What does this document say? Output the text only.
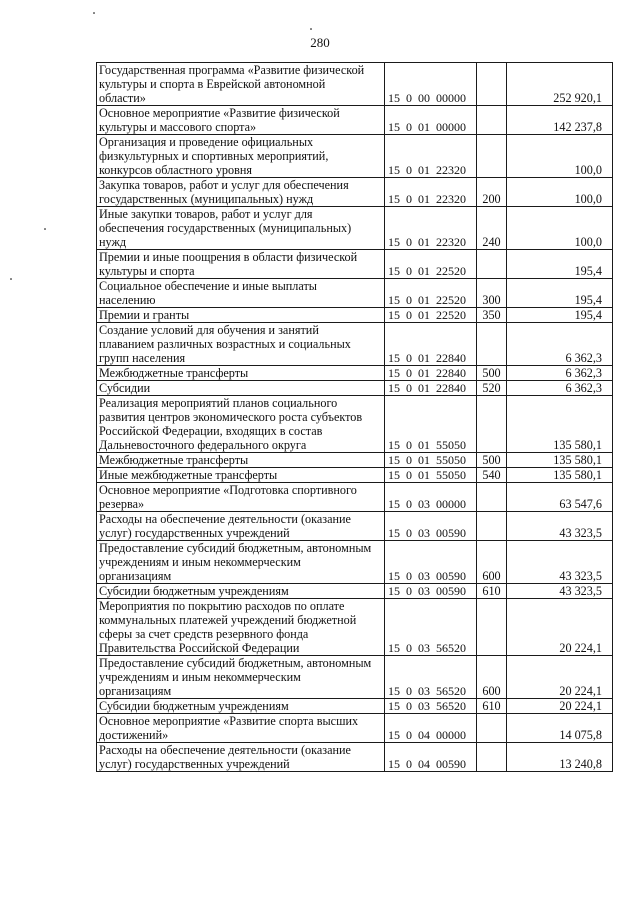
280
Государственная программа «Развитие физической
культуры и спорта в Еврейской автономной
области»	15  0  00  00000		252 920,1
Основное мероприятие «Развитие физической
культуры и массового спорта»	15  0  01  00000		142 237,8
Организация и проведение официальных
физкультурных и спортивных мероприятий,
конкурсов областного уровня	15  0  01  22320		100,0
Закупка товаров, работ и услуг для обеспечения
государственных (муниципальных) нужд	15  0  01  22320	200	100,0
Иные закупки товаров, работ и услуг для
обеспечения государственных (муниципальных)
нужд	15  0  01  22320	240	100,0
Премии и иные поощрения в области физической
культуры и спорта	15  0  01  22520		195,4
Социальное обеспечение и иные выплаты
населению	15  0  01  22520	300	195,4
Премии и гранты	15  0  01  22520	350	195,4
Создание условий для обучения и занятий
плаванием различных возрастных и социальных
групп населения	15  0  01  22840		6 362,3
Межбюджетные трансферты	15  0  01  22840	500	6 362,3
Субсидии	15  0  01  22840	520	6 362,3
Реализация мероприятий планов социального
развития центров экономического роста субъектов
Российской Федерации, входящих в состав
Дальневосточного федерального округа	15  0  01  55050		135 580,1
Межбюджетные трансферты	15  0  01  55050	500	135 580,1
Иные межбюджетные трансферты	15  0  01  55050	540	135 580,1
Основное мероприятие «Подготовка спортивного
резерва»	15  0  03  00000		63 547,6
Расходы на обеспечение деятельности (оказание
услуг) государственных учреждений	15  0  03  00590		43 323,5
Предоставление субсидий бюджетным, автономным
учреждениям и иным некоммерческим
организациям	15  0  03  00590	600	43 323,5
Субсидии бюджетным учреждениям	15  0  03  00590	610	43 323,5
Мероприятия по покрытию расходов по оплате
коммунальных платежей учреждений бюджетной
сферы за счет средств резервного фонда
Правительства Российской Федерации	15  0  03  56520		20 224,1
Предоставление субсидий бюджетным, автономным
учреждениям и иным некоммерческим
организациям	15  0  03  56520	600	20 224,1
Субсидии бюджетным учреждениям	15  0  03  56520	610	20 224,1
Основное мероприятие «Развитие спорта высших
достижений»	15  0  04  00000		14 075,8
Расходы на обеспечение деятельности (оказание
услуг) государственных учреждений	15  0  04  00590		13 240,8
